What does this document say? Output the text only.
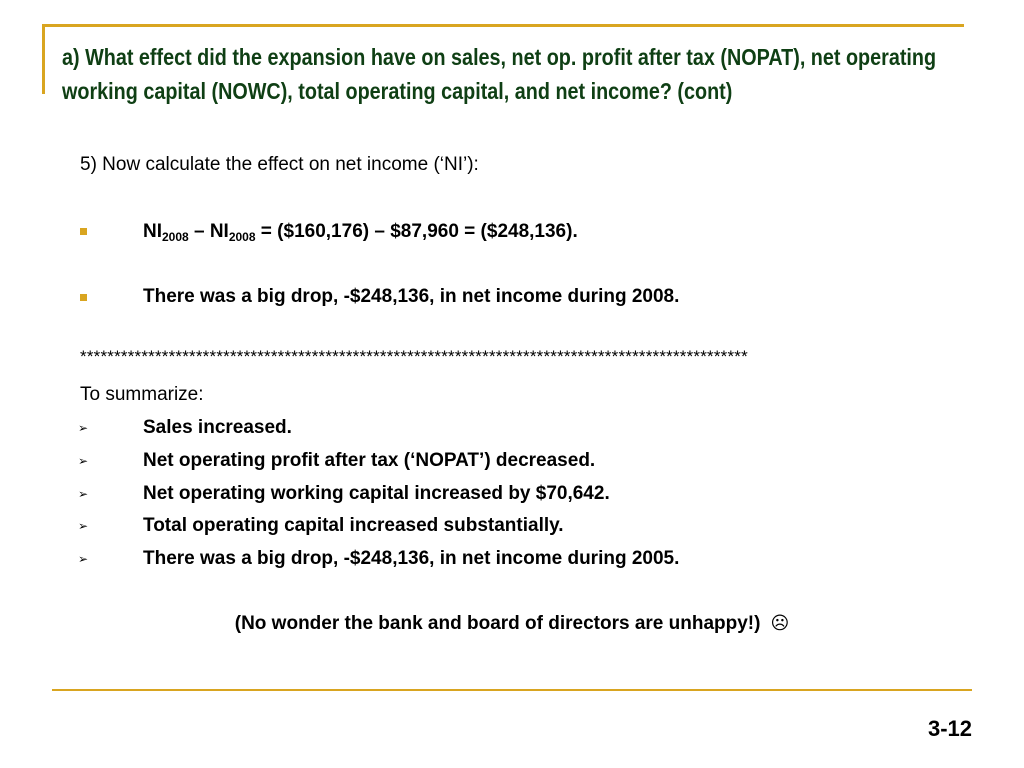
a) What effect did the expansion have on sales, net op. profit after tax (NOPAT), net operating working capital (NOWC), total operating capital, and net income? (cont)
5) Now calculate the effect on net income (‘NI’):
$NI_{2008} - NI_{2008}$ = ($160,176) – $87,960 = ($248,136).
There was a big drop, -$248,136, in net income during 2008.
**************************************************************************************************
To summarize:
➢	Sales increased.
➢	Net operating profit after tax (‘NOPAT’) decreased.
➢	Net operating working capital increased by $70,642.
➢	Total operating capital increased substantially.
➢	There was a big drop, -$248,136, in net income during 2005.
(No wonder the bank and board of directors are unhappy!) ☹
3-12
